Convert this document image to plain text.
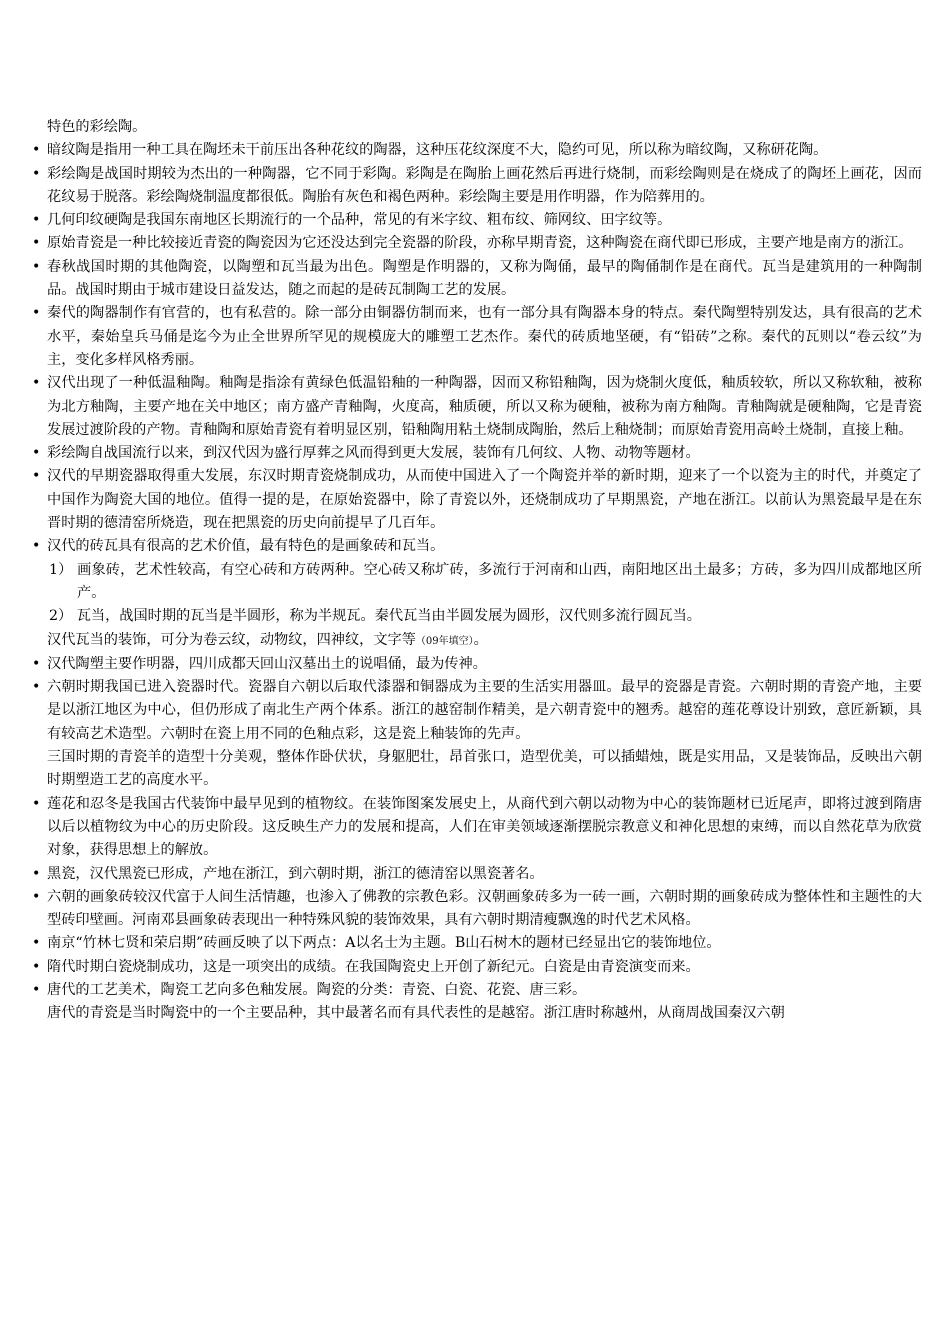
特色的彩绘陶。

• 暗纹陶是指用一种工具在陶坯未干前压出各种花纹的陶器，这种压花纹深度不大，隐约可见，所以称为暗纹陶，又称研花陶。

• 彩绘陶是战国时期较为杰出的一种陶器，它不同于彩陶。彩陶是在陶胎上画花然后再进行烧制，而彩绘陶则是在烧成了的陶坯上画花，因而花纹易于脱落。彩绘陶烧制温度都很低。陶胎有灰色和褐色两种。彩绘陶主要是用作明器，作为陪葬用的。

• 几何印纹硬陶是我国东南地区长期流行的一个品种，常见的有米字纹、粗布纹、筛网纹、田字纹等。

• 原始青瓷是一种比较接近青瓷的陶瓷因为它还没达到完全瓷器的阶段，亦称早期青瓷，这种陶瓷在商代即已形成，主要产地是南方的浙江。

• 春秋战国时期的其他陶瓷，以陶塑和瓦当最为出色。陶塑是作明器的，又称为陶俑，最早的陶俑制作是在商代。瓦当是建筑用的一种陶制品。战国时期由于城市建设日益发达，随之而起的是砖瓦制陶工艺的发展。

• 秦代的陶器制作有官营的，也有私营的。除一部分由铜器仿制而来，也有一部分具有陶器本身的特点。秦代陶塑特别发达，具有很高的艺术水平，秦始皇兵马俑是迄今为止全世界所罕见的规模庞大的雕塑工艺杰作。秦代的砖质地坚硬，有“铅砖”之称。秦代的瓦则以“卷云纹”为主，变化多样风格秀丽。

• 汉代出现了一种低温釉陶。釉陶是指涂有黄绿色低温铅釉的一种陶器，因而又称铅釉陶，因为烧制火度低，釉质较软，所以又称软釉，被称为北方釉陶，主要产地在关中地区；南方盛产青釉陶，火度高，釉质硬，所以又称为硬釉，被称为南方釉陶。青釉陶就是硬釉陶，它是青瓷发展过渡阶段的产物。青釉陶和原始青瓷有着明显区别，铅釉陶用粘土烧制成陶胎，然后上釉烧制；而原始青瓷用高岭土烧制，直接上釉。

• 彩绘陶自战国流行以来，到汉代因为盛行厚葬之风而得到更大发展，装饰有几何纹、人物、动物等题材。

• 汉代的早期瓷器取得重大发展，东汉时期青瓷烧制成功，从而使中国进入了一个陶瓷并举的新时期，迎来了一个以瓷为主的时代，并奠定了中国作为陶瓷大国的地位。值得一提的是，在原始瓷器中，除了青瓷以外，还烧制成功了早期黑瓷，产地在浙江。以前认为黑瓷最早是在东晋时期的德清窑所烧造，现在把黑瓷的历史向前提早了几百年。

• 汉代的砖瓦具有很高的艺术价值，最有特色的是画象砖和瓦当。

1） 画象砖，艺术性较高，有空心砖和方砖两种。空心砖又称圹砖，多流行于河南和山西，南阳地区出土最多；方砖，多为四川成都地区所产。

2） 瓦当，战国时期的瓦当是半圆形，称为半规瓦。秦代瓦当由半圆发展为圆形，汉代则多流行圆瓦当。

汉代瓦当的装饰，可分为卷云纹，动物纹，四神纹，文字等（09年填空）。

• 汉代陶塑主要作明器，四川成都天回山汉墓出土的说唱俑，最为传神。

• 六朝时期我国已进入瓷器时代。瓷器自六朝以后取代漆器和铜器成为主要的生活实用器皿。最早的瓷器是青瓷。六朝时期的青瓷产地，主要是以浙江地区为中心，但仍形成了南北生产两个体系。浙江的越窑制作精美，是六朝青瓷中的翘秀。越窑的莲花尊设计别致，意匠新颖，具有较高艺术造型。六朝时在瓷上用不同的色釉点彩，这是瓷上釉装饰的先声。

三国时期的青瓷羊的造型十分美观，整体作卧伏状，身躯肥壮，昂首张口，造型优美，可以插蜡烛，既是实用品，又是装饰品，反映出六朝时期塑造工艺的高度水平。

• 莲花和忍冬是我国古代装饰中最早见到的植物纹。在装饰图案发展史上，从商代到六朝以动物为中心的装饰题材已近尾声，即将过渡到隋唐以后以植物纹为中心的历史阶段。这反映生产力的发展和提高，人们在审美领域逐渐摆脱宗教意义和神化思想的束缚，而以自然花草为欣赏对象，获得思想上的解放。

• 黑瓷，汉代黑瓷已形成，产地在浙江，到六朝时期，浙江的德清窑以黑瓷著名。

• 六朝的画象砖较汉代富于人间生活情趣，也渗入了佛教的宗教色彩。汉朝画象砖多为一砖一画，六朝时期的画象砖成为整体性和主题性的大型砖印壁画。河南邓县画象砖表现出一种特殊风貌的装饰效果，具有六朝时期清瘦飘逸的时代艺术风格。

• 南京“竹林七贤和荣启期”砖画反映了以下两点：A以名士为主题。B山石树木的题材已经显出它的装饰地位。

• 隋代时期白瓷烧制成功，这是一项突出的成绩。在我国陶瓷史上开创了新纪元。白瓷是由青瓷演变而来。

• 唐代的工艺美术，陶瓷工艺向多色釉发展。陶瓷的分类：青瓷、白瓷、花瓷、唐三彩。

唐代的青瓷是当时陶瓷中的一个主要品种，其中最著名而有具代表性的是越窑。浙江唐时称越州，从商周战国秦汉六朝
